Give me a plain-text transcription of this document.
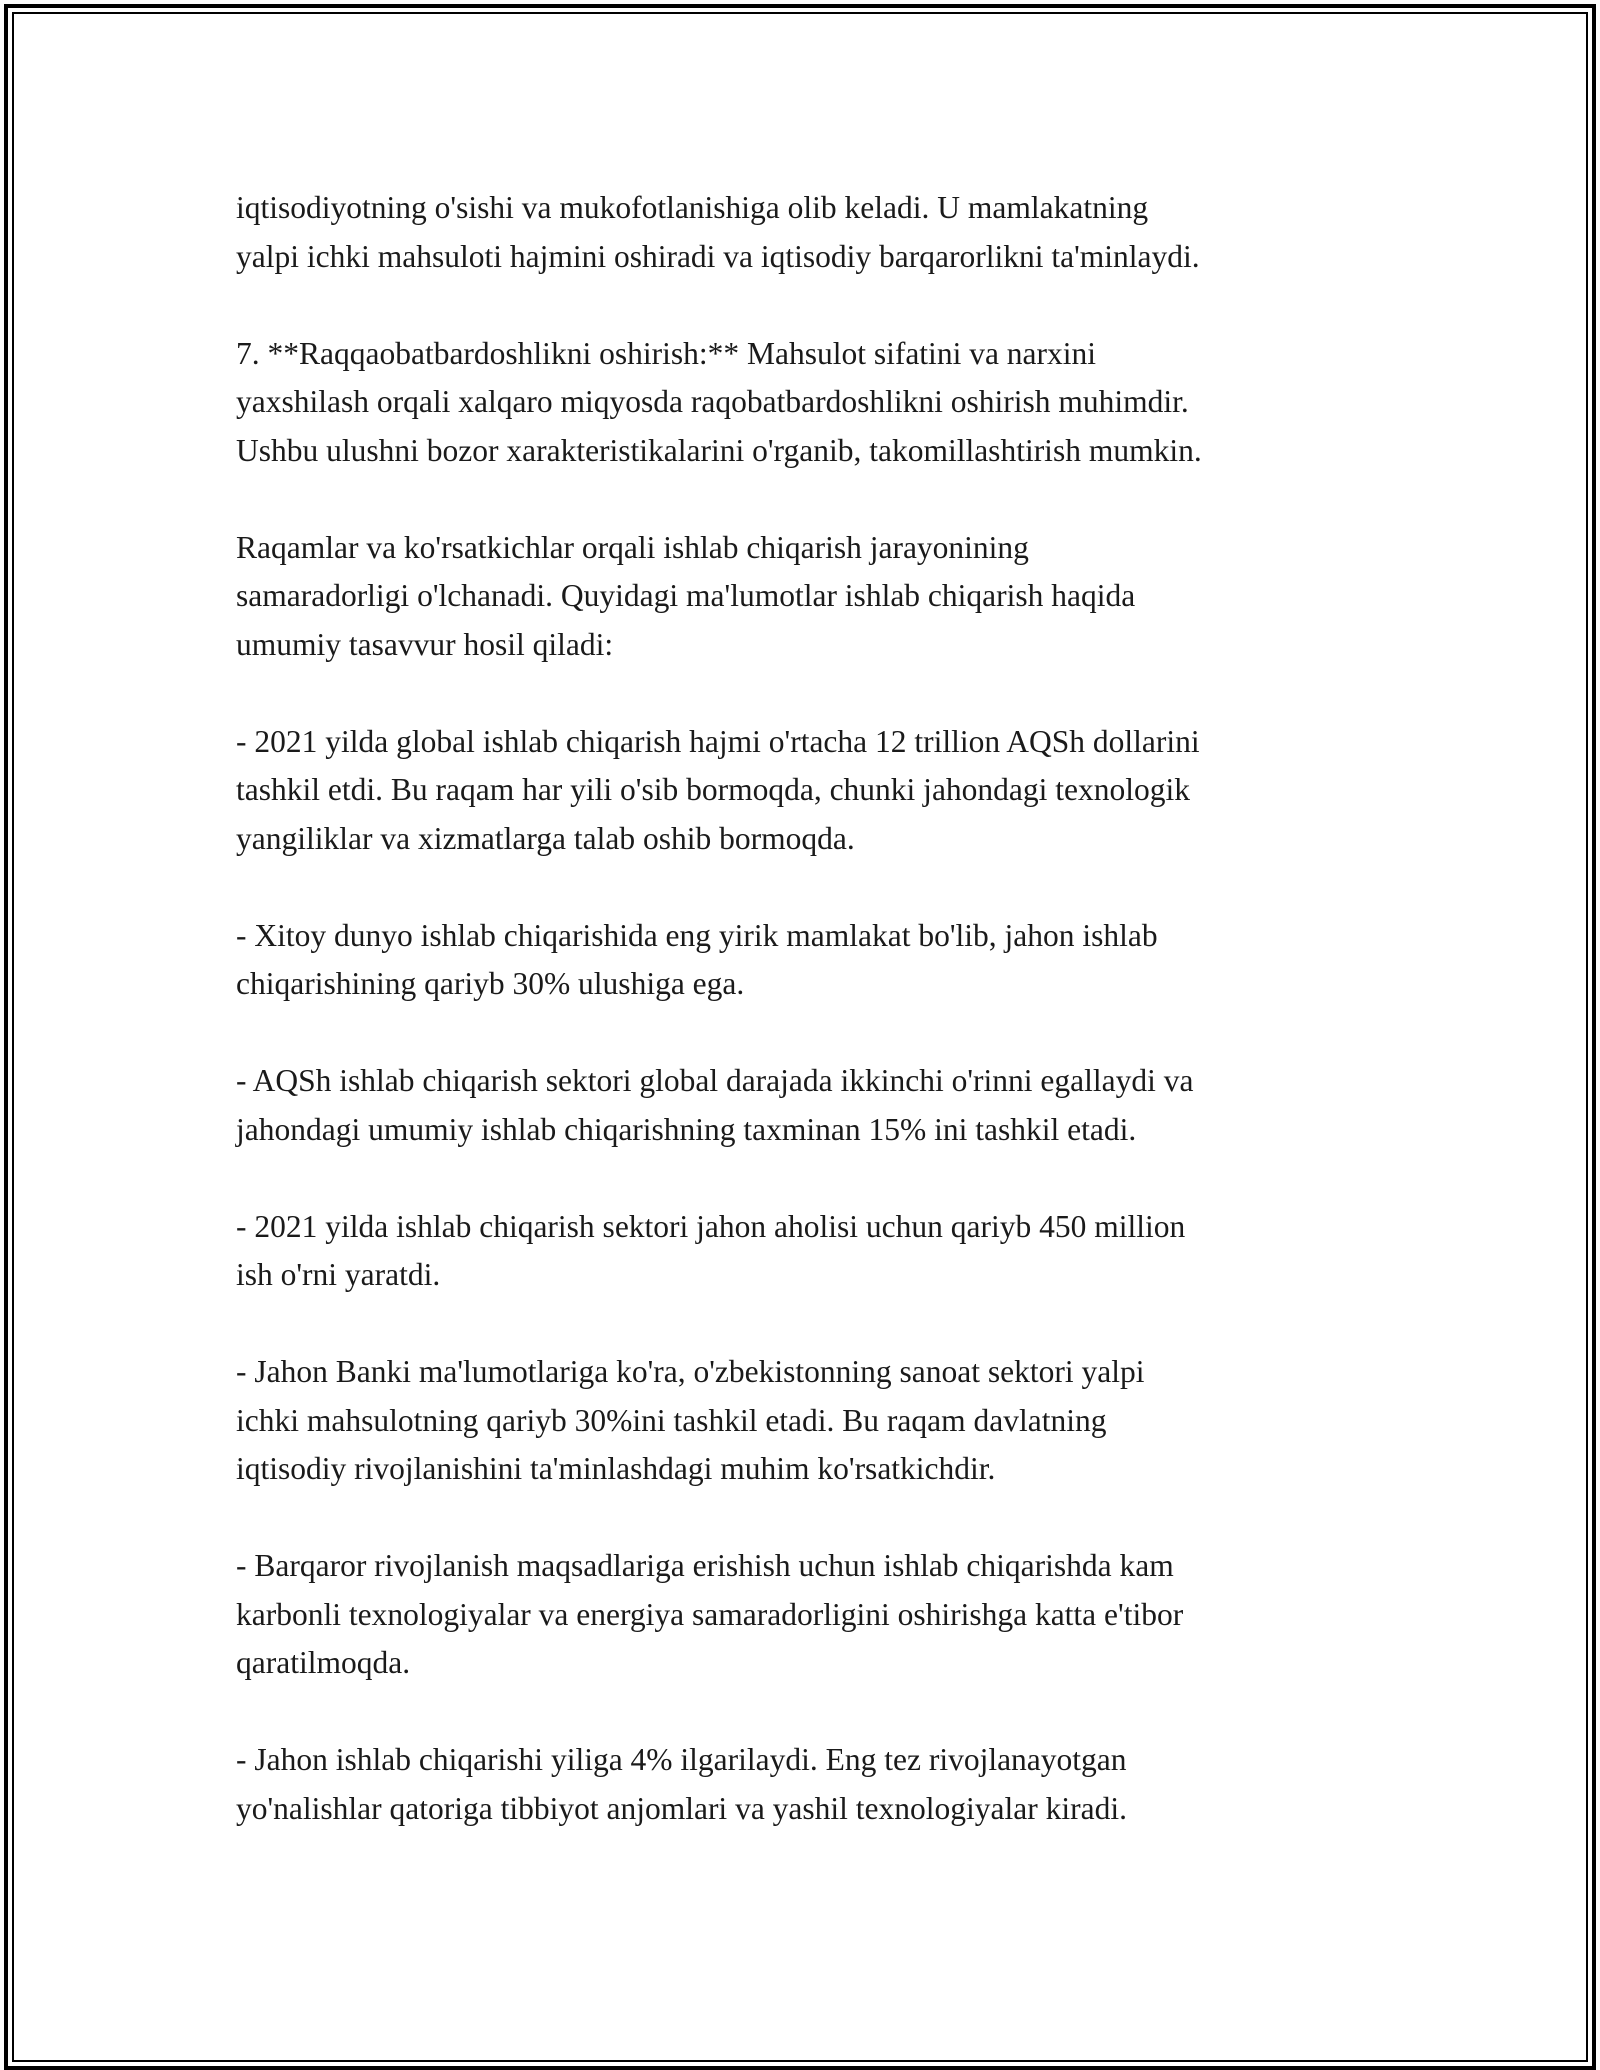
iqtisodiyotning o'sishi va mukofotlanishiga olib keladi. U mamlakatning
yalpi ichki mahsuloti hajmini oshiradi va iqtisodiy barqarorlikni ta'minlaydi.

7. **Raqqaobatbardoshlikni oshirish:** Mahsulot sifatini va narxini
yaxshilash orqali xalqaro miqyosda raqobatbardoshlikni oshirish muhimdir.
Ushbu ulushni bozor xarakteristikalarini o'rganib, takomillashtirish mumkin.

Raqamlar va ko'rsatkichlar orqali ishlab chiqarish jarayonining
samaradorligi o'lchanadi. Quyidagi ma'lumotlar ishlab chiqarish haqida
umumiy tasavvur hosil qiladi:

- 2021 yilda global ishlab chiqarish hajmi o'rtacha 12 trillion AQSh dollarini
tashkil etdi. Bu raqam har yili o'sib bormoqda, chunki jahondagi texnologik
yangiliklar va xizmatlarga talab oshib bormoqda.

- Xitoy dunyo ishlab chiqarishida eng yirik mamlakat bo'lib, jahon ishlab
chiqarishining qariyb 30% ulushiga ega.

- AQSh ishlab chiqarish sektori global darajada ikkinchi o'rinni egallaydi va
jahondagi umumiy ishlab chiqarishning taxminan 15% ini tashkil etadi.

- 2021 yilda ishlab chiqarish sektori jahon aholisi uchun qariyb 450 million
ish o'rni yaratdi.

- Jahon Banki ma'lumotlariga ko'ra, o'zbekistonning sanoat sektori yalpi
ichki mahsulotning qariyb 30%ini tashkil etadi. Bu raqam davlatning
iqtisodiy rivojlanishini ta'minlashdagi muhim ko'rsatkichdir.

- Barqaror rivojlanish maqsadlariga erishish uchun ishlab chiqarishda kam
karbonli texnologiyalar va energiya samaradorligini oshirishga katta e'tibor
qaratilmoqda.

- Jahon ishlab chiqarishi yiliga 4% ilgarilaydi. Eng tez rivojlanayotgan
yo'nalishlar qatoriga tibbiyot anjomlari va yashil texnologiyalar kiradi.
